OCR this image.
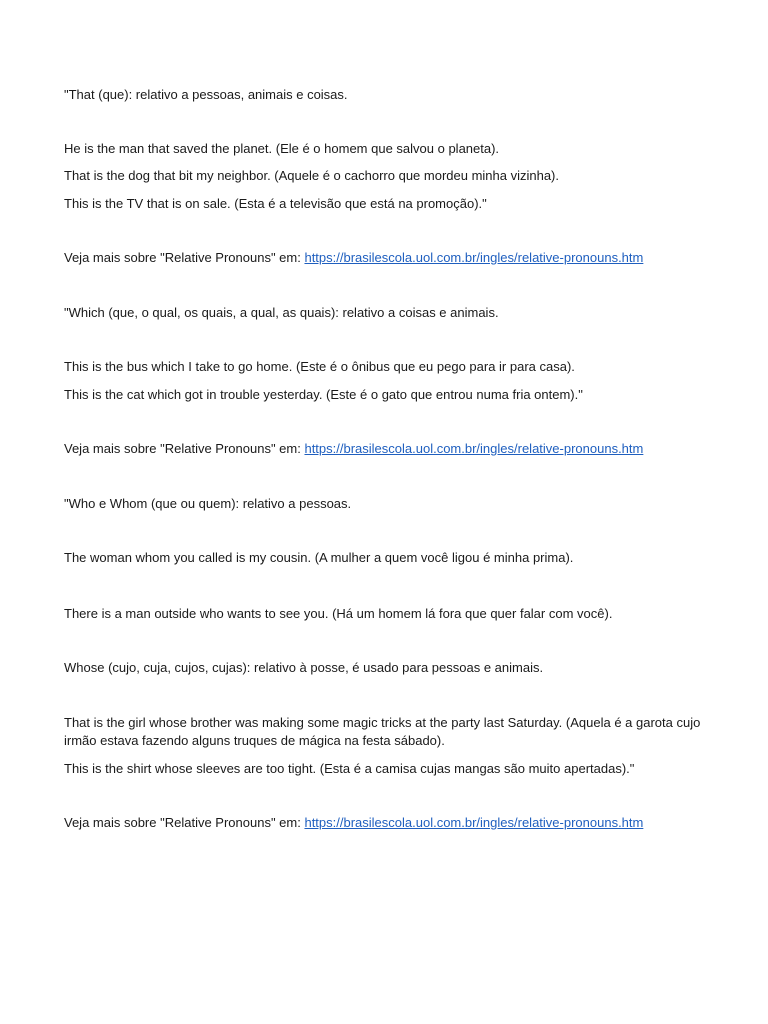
"That (que): relativo a pessoas, animais e coisas.
He is the man that saved the planet. (Ele é o homem que salvou o planeta).
That is the dog that bit my neighbor. (Aquele é o cachorro que mordeu minha vizinha).
This is the TV that is on sale. (Esta é a televisão que está na promoção)."
Veja mais sobre "Relative Pronouns" em: https://brasilescola.uol.com.br/ingles/relative-pronouns.htm
"Which (que, o qual, os quais, a qual, as quais): relativo a coisas e animais.
This is the bus which I take to go home. (Este é o ônibus que eu pego para ir para casa).
This is the cat which got in trouble yesterday. (Este é o gato que entrou numa fria ontem)."
Veja mais sobre "Relative Pronouns" em: https://brasilescola.uol.com.br/ingles/relative-pronouns.htm
"Who e Whom (que ou quem): relativo a pessoas.
The woman whom you called is my cousin. (A mulher a quem você ligou é minha prima).
There is a man outside who wants to see you. (Há um homem lá fora que quer falar com você).
Whose (cujo, cuja, cujos, cujas): relativo à posse, é usado para pessoas e animais.
That is the girl whose brother was making some magic tricks at the party last Saturday. (Aquela é a garota cujo irmão estava fazendo alguns truques de mágica na festa sábado).
This is the shirt whose sleeves are too tight. (Esta é a camisa cujas mangas são muito apertadas)."
Veja mais sobre "Relative Pronouns" em: https://brasilescola.uol.com.br/ingles/relative-pronouns.htm
